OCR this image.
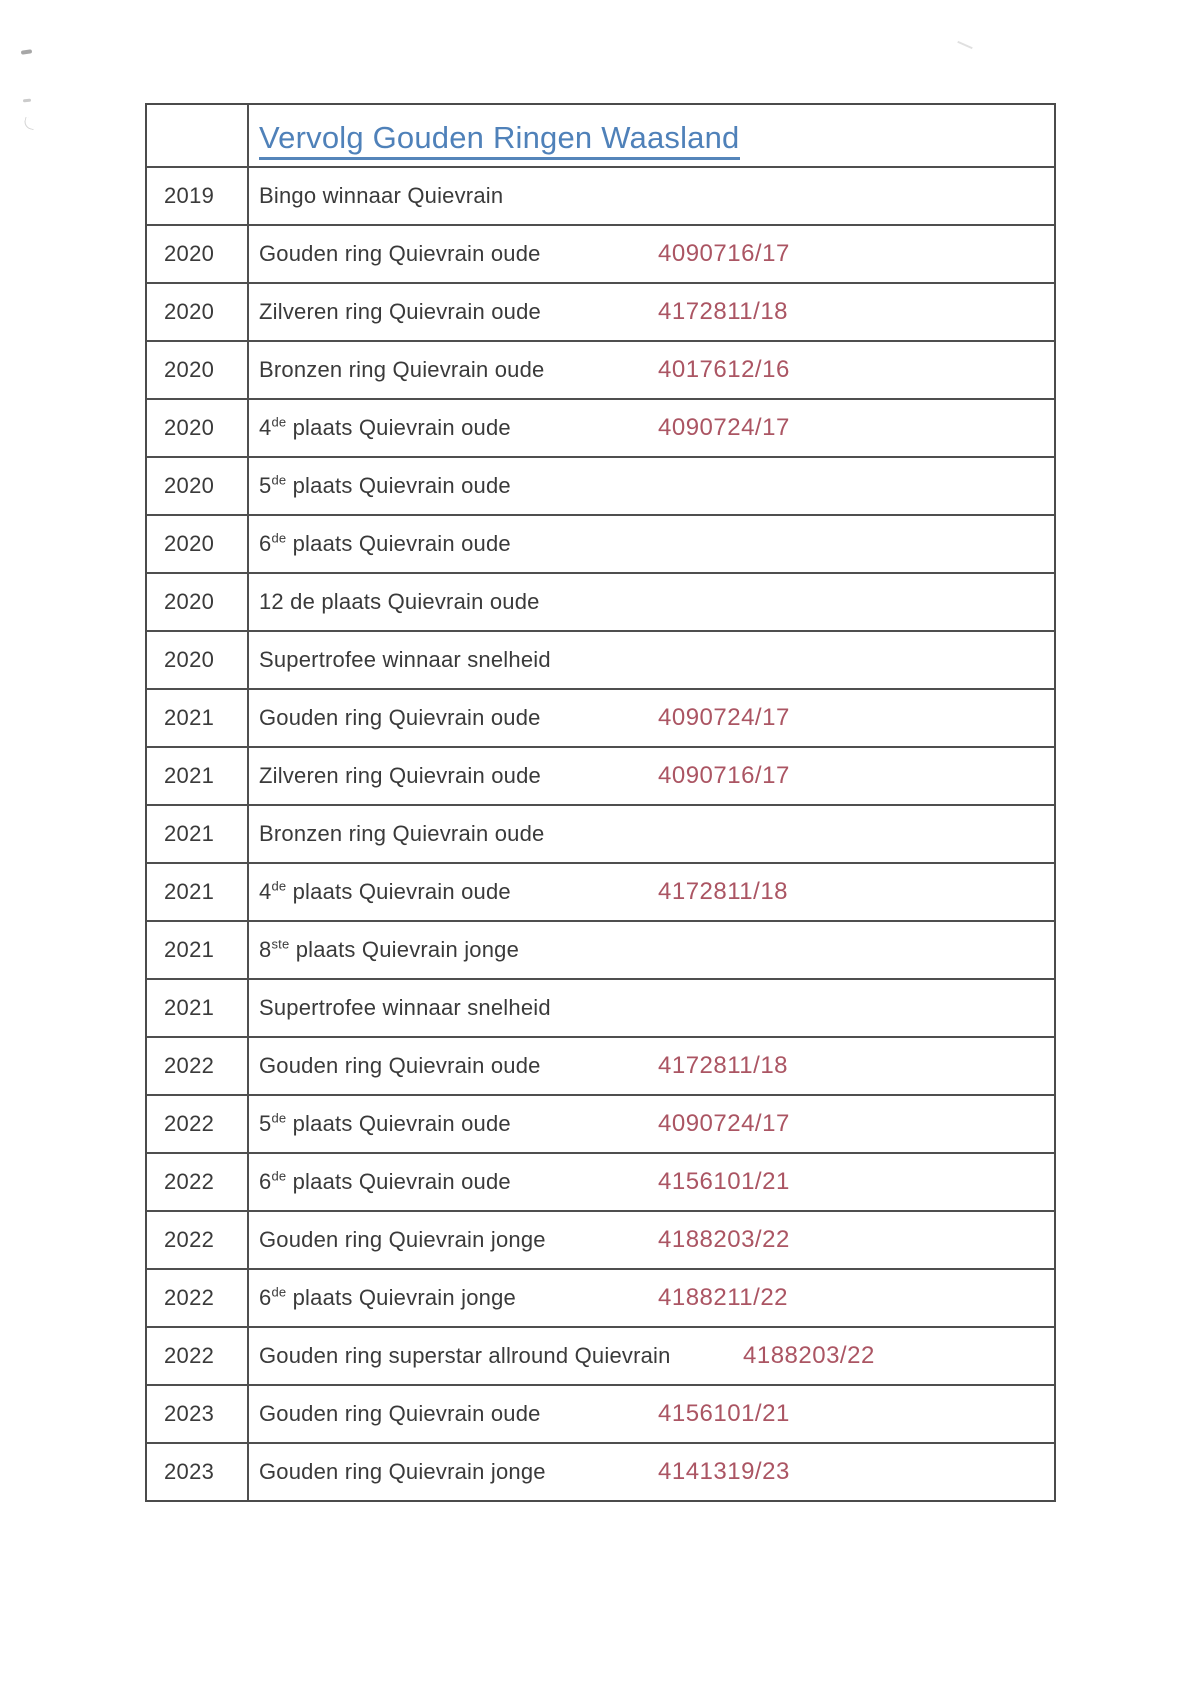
Vervolg Gouden Ringen Waasland
2019	Bingo winnaar Quievrain
2020	Gouden ring Quievrain oude	4090716/17
2020	Zilveren ring Quievrain oude	4172811/18
2020	Bronzen ring Quievrain oude	4017612/16
2020	4de plaats Quievrain oude	4090724/17
2020	5de plaats Quievrain oude
2020	6de plaats Quievrain oude
2020	12 de plaats Quievrain oude
2020	Supertrofee winnaar snelheid
2021	Gouden ring Quievrain oude	4090724/17
2021	Zilveren ring Quievrain oude	4090716/17
2021	Bronzen ring Quievrain oude
2021	4de plaats Quievrain oude	4172811/18
2021	8ste plaats Quievrain jonge
2021	Supertrofee winnaar snelheid
2022	Gouden ring Quievrain oude	4172811/18
2022	5de plaats Quievrain oude	4090724/17
2022	6de plaats Quievrain oude	4156101/21
2022	Gouden ring Quievrain jonge	4188203/22
2022	6de plaats Quievrain jonge	4188211/22
2022	Gouden ring superstar allround Quievrain	4188203/22
2023	Gouden ring Quievrain oude	4156101/21
2023	Gouden ring Quievrain jonge	4141319/23
